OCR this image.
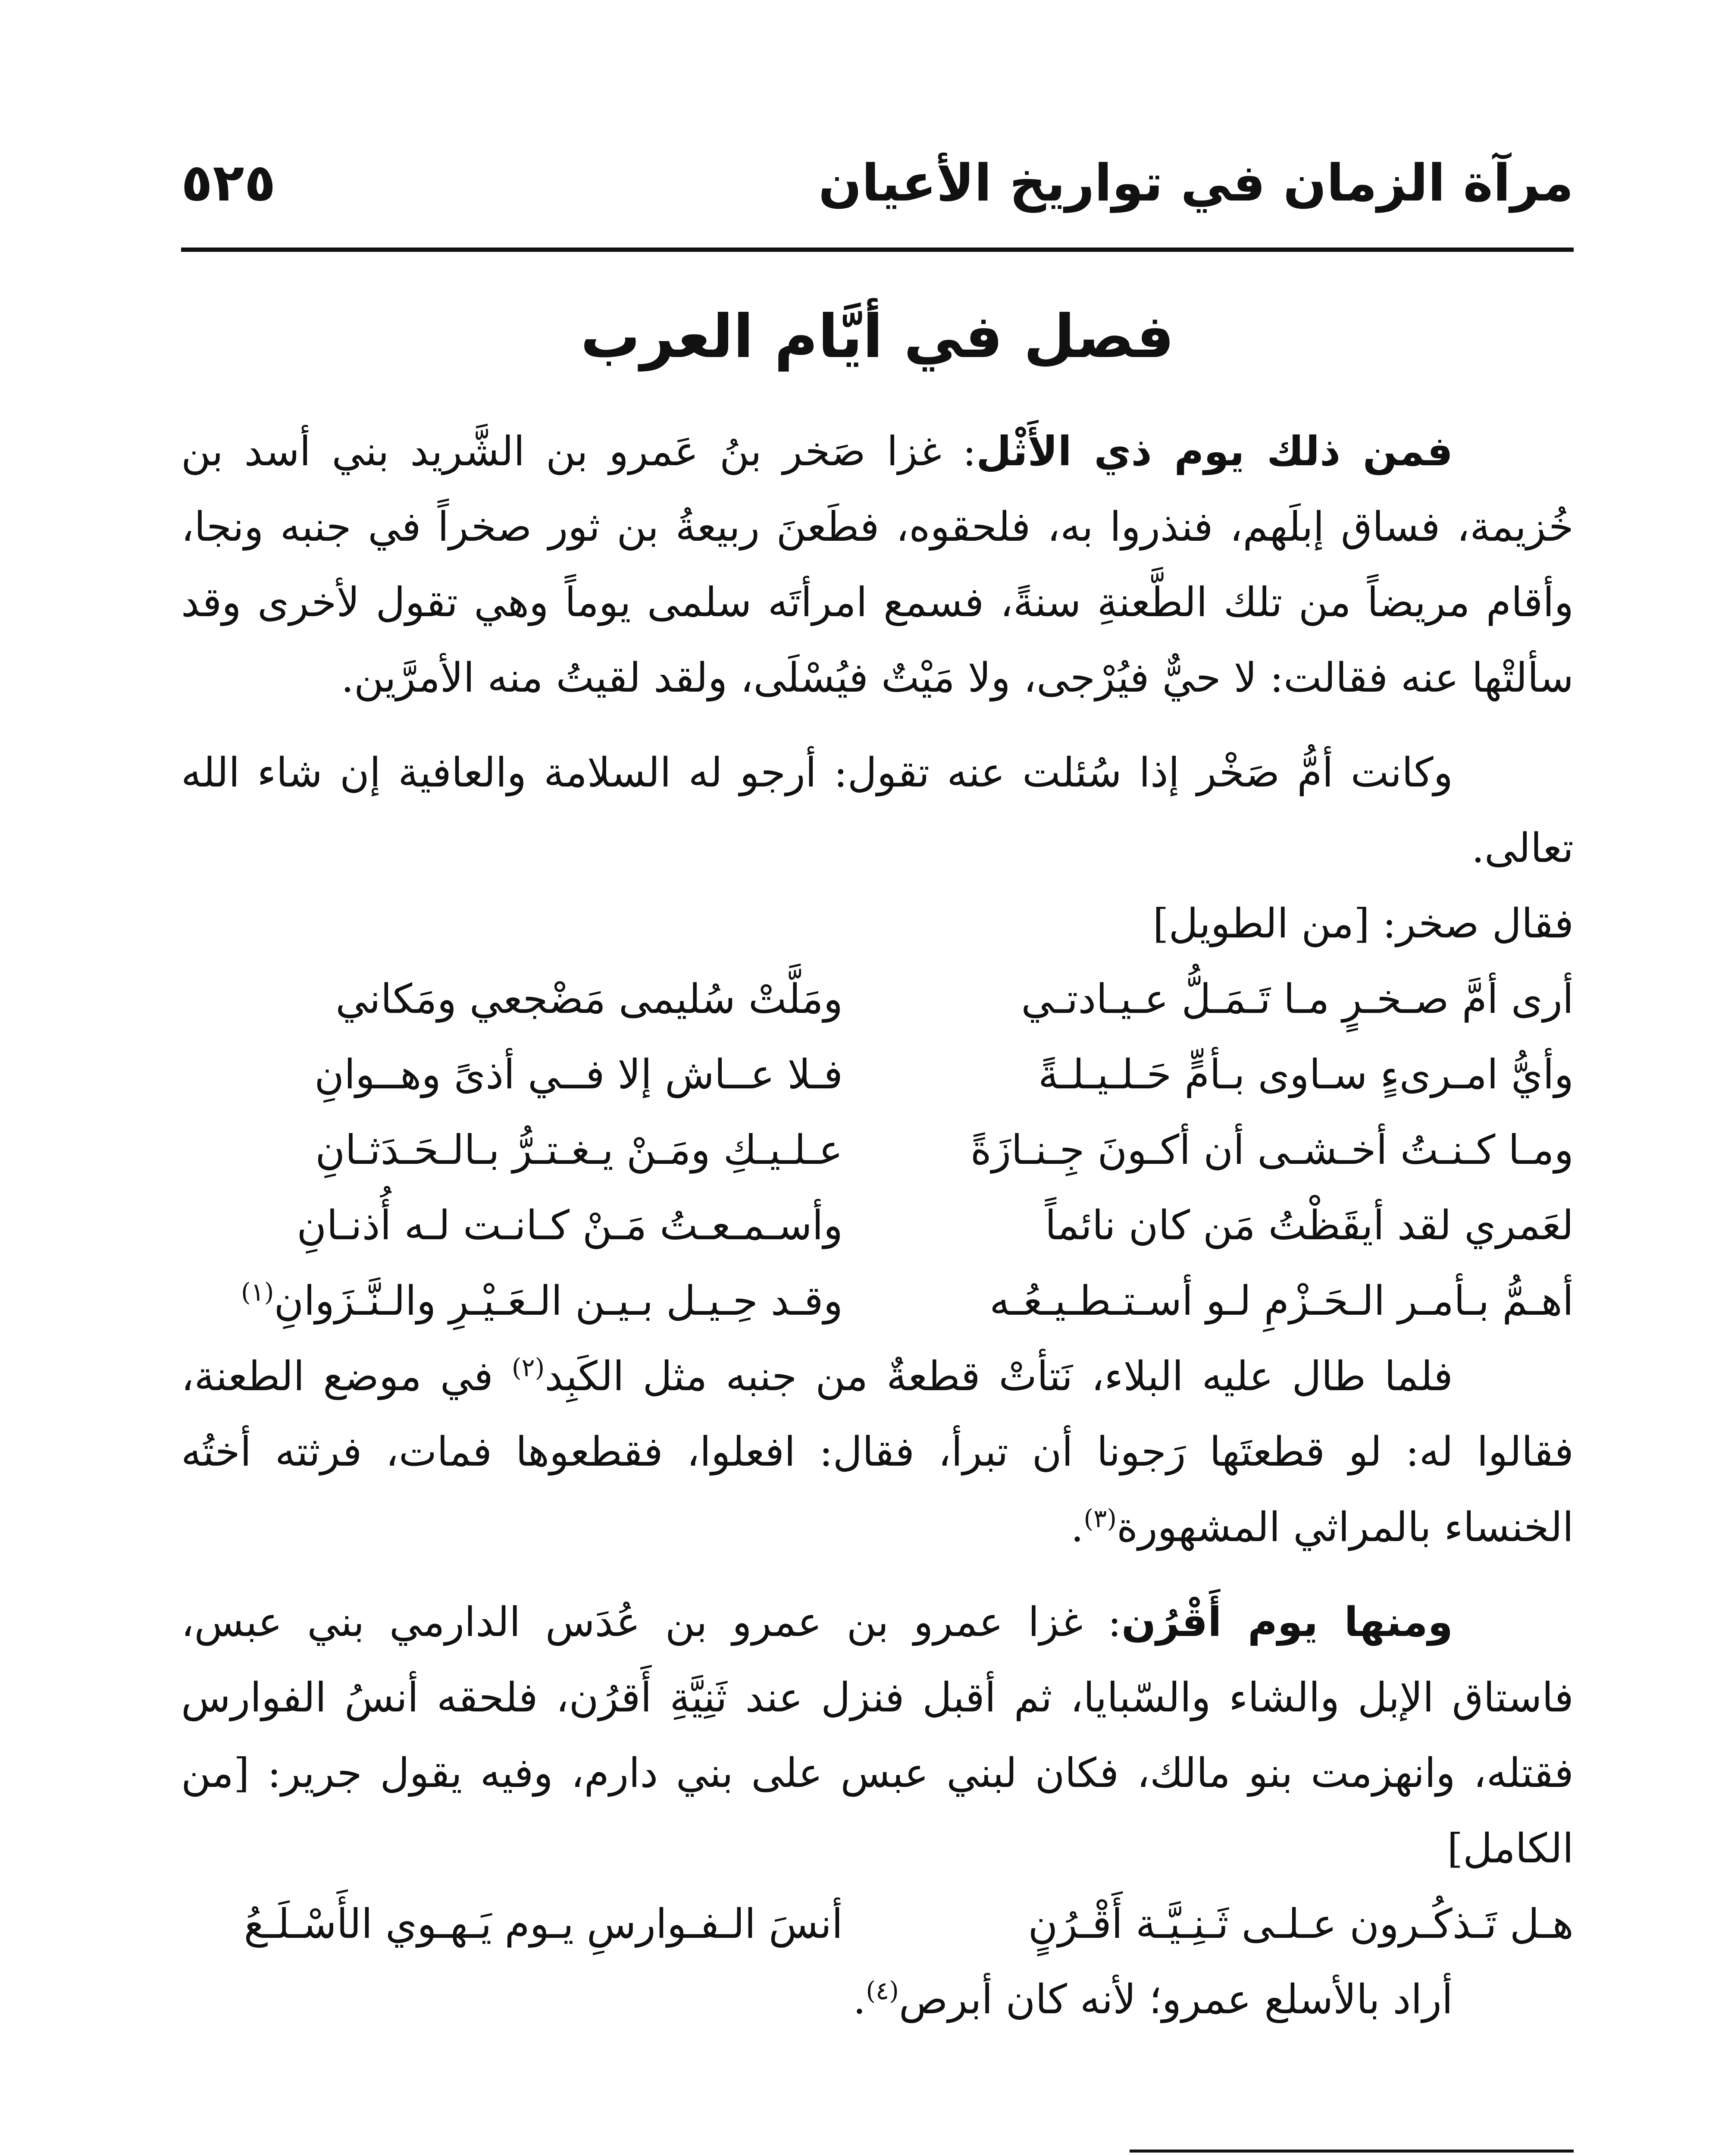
مرآة الزمان في تواريخ الأعيان
٥٢٥
فصل في أيَّام العرب

فمن ذلك يوم ذي الأَثْل: غزا صَخر بنُ عَمرو بن الشَّريد بني أسد بن خُزيمة، فساق إبلَهم، فنذروا به، فلحقوه، فطَعنَ ربيعةُ بن ثور صخراً في جنبه ونجا، وأقام مريضاً من تلك الطَّعنةِ سنةً، فسمع امرأتَه سلمى يوماً وهي تقول لأخرى وقد سألتْها عنه فقالت: لا حيٌّ فيُرْجى، ولا مَيْتٌ فيُسْلَى، ولقد لقيتُ منه الأمرَّين.

وكانت أمُّ صَخْر إذا سُئلت عنه تقول: أرجو له السلامة والعافية إن شاء الله تعالى.

فقال صخر: [من الطويل]

أرى أمَّ صـخـرٍ مـا تَـمَـلُّ عـيـادتـي
ومَلَّتْ سُليمى مَضْجعي ومَكاني
وأيُّ امـرىءٍ سـاوى بـأمٍّ حَـلـيـلـةً
فـلا عــاش إلا فــي أذىً وهــوانِ
ومـا كـنـتُ أخـشـى أن أكـونَ جِـنـازَةً
عـلـيـكِ ومَـنْ يـغـتـرُّ بـالـحَـدَثـانِ
لعَمري لقد أيقَظْتُ مَن كان نائماً
وأسـمـعـتُ مَـنْ كـانـت لـه أُذنـانِ
أهـمُّ بـأمـر الـحَـزْمِ لـو أسـتـطـيـعُـه
وقـد حِـيـل بـيـن الـعَـيْـرِ والـنَّـزَوانِ$^{(١)}$

فلما طال عليه البلاء، نَتأتْ قطعةٌ من جنبه مثل الكَبِد$^{(٢)}$ في موضع الطعنة، فقالوا له: لو قطعتَها رَجونا أن تبرأ، فقال: افعلوا، فقطعوها فمات، فرثته أختُه الخنساء بالمراثي المشهورة$^{(٣)}$.

ومنها يوم أَقْرُن: غزا عمرو بن عمرو بن عُدَس الدارمي بني عبس، فاستاق الإبل والشاء والسّبايا، ثم أقبل فنزل عند ثَنِيَّةِ أَقرُن، فلحقه أنسُ الفوارس فقتله، وانهزمت بنو مالك، فكان لبني عبس على بني دارم، وفيه يقول جرير: [من الكامل]

هـل تَـذكُـرون عـلـى ثَـنِـيَّـة أَقْـرُنٍ
أنسَ الـفـوارسِ يـوم يَـهـوي الأَسْـلَـعُ

أراد بالأسلع عمرو؛ لأنه كان أبرص$^{(٤)}$.
